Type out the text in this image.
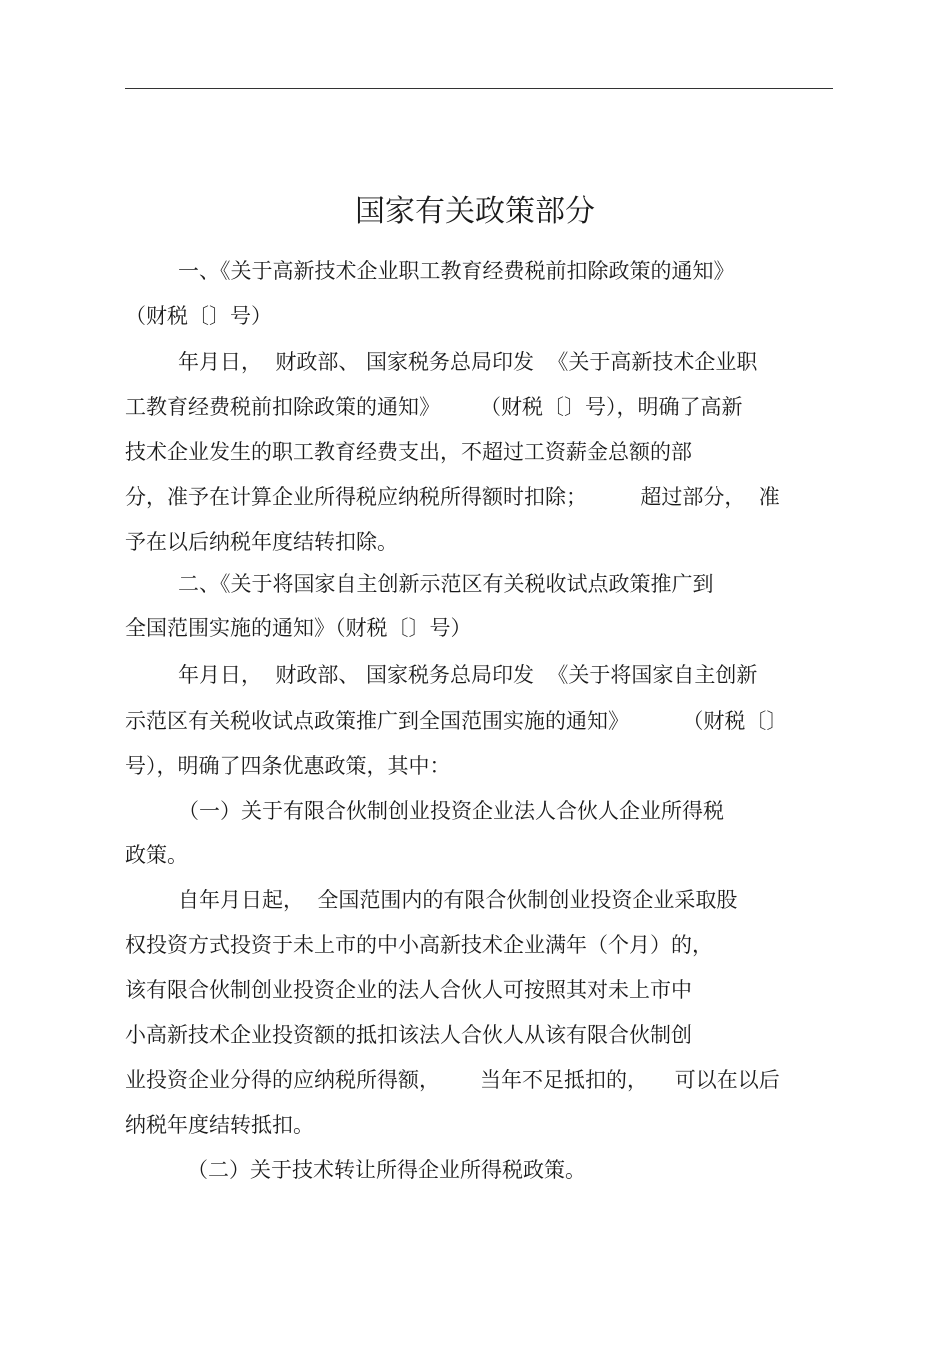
国家有关政策部分
一、《关于高新技术企业职工教育经费税前扣除政策的通知》
（财税〔〕号）
年月日，  财政部、 国家税务总局印发  《关于高新技术企业职
工教育经费税前扣除政策的通知》      （财税〔〕号），明确了高新
技术企业发生的职工教育经费支出，不超过工资薪金总额的部
分，准予在计算企业所得税应纳税所得额时扣除；        超过部分，  准
予在以后纳税年度结转扣除。
二、《关于将国家自主创新示范区有关税收试点政策推广到
全国范围实施的通知》（财税〔〕号）
年月日，  财政部、 国家税务总局印发  《关于将国家自主创新
示范区有关税收试点政策推广到全国范围实施的通知》        （财税〔〕
号），明确了四条优惠政策，其中：
（一）关于有限合伙制创业投资企业法人合伙人企业所得税
政策。
自年月日起，  全国范围内的有限合伙制创业投资企业采取股
权投资方式投资于未上市的中小高新技术企业满年（个月）的，
该有限合伙制创业投资企业的法人合伙人可按照其对未上市中
小高新技术企业投资额的抵扣该法人合伙人从该有限合伙制创
业投资企业分得的应纳税所得额，      当年不足抵扣的，    可以在以后
纳税年度结转抵扣。
（二）关于技术转让所得企业所得税政策。
